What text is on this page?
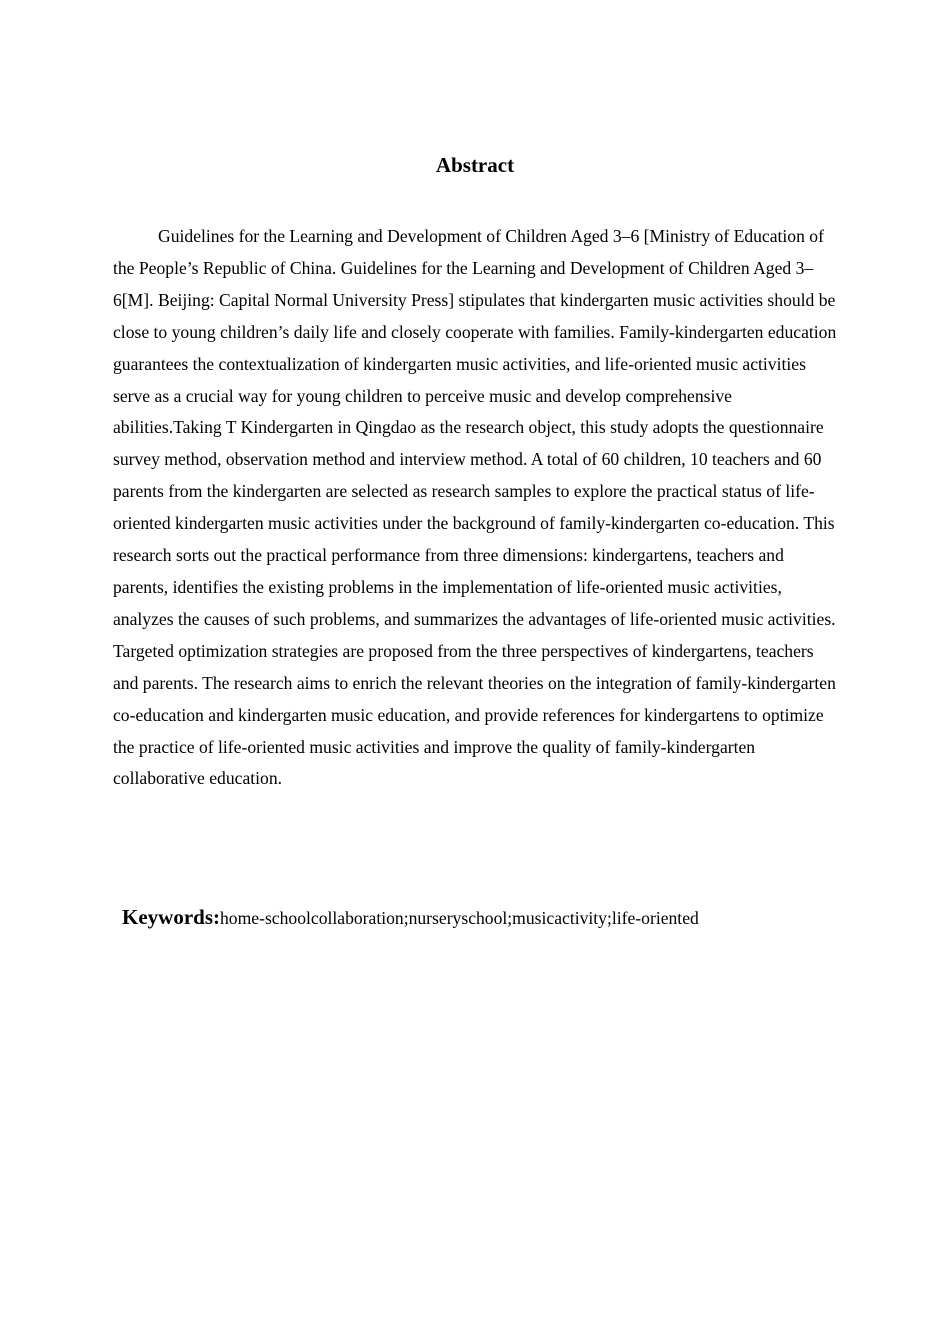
Abstract

Guidelines for the Learning and Development of Children Aged 3–6 [Ministry of Education of the People’s Republic of China. Guidelines for the Learning and Development of Children Aged 3–6[M]. Beijing: Capital Normal University Press] stipulates that kindergarten music activities should be close to young children’s daily life and closely cooperate with families. Family-kindergarten education guarantees the contextualization of kindergarten music activities, and life-oriented music activities serve as a crucial way for young children to perceive music and develop comprehensive abilities.Taking T Kindergarten in Qingdao as the research object, this study adopts the questionnaire survey method, observation method and interview method. A total of 60 children, 10 teachers and 60 parents from the kindergarten are selected as research samples to explore the practical status of life-oriented kindergarten music activities under the background of family-kindergarten co-education. This research sorts out the practical performance from three dimensions: kindergartens, teachers and parents, identifies the existing problems in the implementation of life-oriented music activities, analyzes the causes of such problems, and summarizes the advantages of life-oriented music activities. Targeted optimization strategies are proposed from the three perspectives of kindergartens, teachers and parents. The research aims to enrich the relevant theories on the integration of family-kindergarten co-education and kindergarten music education, and provide references for kindergartens to optimize the practice of life-oriented music activities and improve the quality of family-kindergarten collaborative education.

Keywords:home-schoolcollaboration;nurseryschool;musicactivity;life-oriented
